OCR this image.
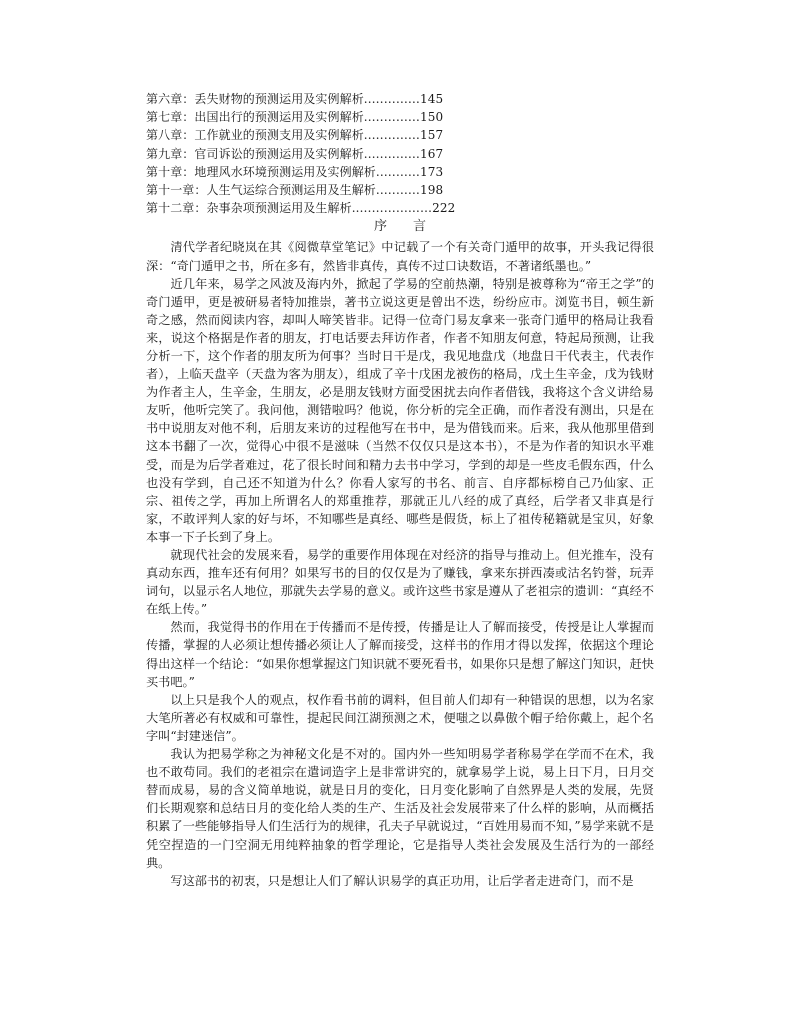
第六章：丢失财物的预测运用及实例解析..…………145
第七章：出国出行的预测运用及实例解析..…………150
第八章：工作就业的预测支用及实例解析..…………157
第九章：官司诉讼的预测运用及实例解析..…………167
第十章：地理风水环境预测运用及实例解析..………173
第十一章：人生气运综合预测运用及生解析..………198
第十二章：杂事杂项预测运用及生解析..………………222
序 言

清代学者纪晓岚在其《阅微草堂笔记》中记载了一个有关奇门遁甲的故事，开头我记得很深：“奇门遁甲之书，所在多有，然皆非真传，真传不过口诀数语，不著诸纸墨也。”

近几年来，易学之风波及海内外，掀起了学易的空前热潮，特别是被尊称为“帝王之学”的奇门遁甲，更是被研易者特加推崇，著书立说这更是曾出不迭，纷纷应市。浏览书目，顿生新奇之感，然而阅读内容，却叫人啼笑皆非。记得一位奇门易友拿来一张奇门遁甲的格局让我看来，说这个格据是作者的朋友，打电话要去拜访作者，作者不知朋友何意，特起局预测，让我分析一下，这个作者的朋友所为何事？当时日干是戊，我见地盘戊（地盘日干代表主，代表作者），上临天盘辛（天盘为客为朋友），组成了辛十戊困龙被伤的格局，戊土生辛金，戊为钱财为作者主人，生辛金，生朋友，必是朋友钱财方面受困扰去向作者借钱，我将这个含义讲给易友听，他听完笑了。我问他，测错啦吗？他说，你分析的完全正确，而作者没有测出，只是在书中说朋友对他不利，后朋友来访的过程他写在书中，是为借钱而来。后来，我从他那里借到这本书翻了一次，觉得心中很不是滋味（当然不仅仅只是这本书），不是为作者的知识水平难受，而是为后学者难过，花了很长时间和精力去书中学习，学到的却是一些皮毛假东西，什么也没有学到，自己还不知道为什么？你看人家写的书名、前言、自序都标榜自己乃仙家、正宗、祖传之学，再加上所谓名人的郑重推荐，那就正儿八经的成了真经，后学者又非真是行家，不敢评判人家的好与坏，不知哪些是真经、哪些是假货，标上了祖传秘籍就是宝贝，好象本事一下子长到了身上。

就现代社会的发展来看，易学的重要作用体现在对经济的指导与推动上。但光推车，没有真动东西，推车还有何用？如果写书的目的仅仅是为了赚钱，拿来东拼西凑或沽名钓誉，玩弄词句，以显示名人地位，那就失去学易的意义。或许这些书家是遵从了老祖宗的遗训：“真经不在纸上传。”

然而，我觉得书的作用在于传播而不是传授，传播是让人了解而接受，传授是让人掌握而传播，掌握的人必须让想传播必须让人了解而接受，这样书的作用才得以发挥，依据这个理论得出这样一个结论：“如果你想掌握这门知识就不要死看书，如果你只是想了解这门知识，赶快买书吧。”

以上只是我个人的观点，权作看书前的调料，但目前人们却有一种错误的思想，以为名家大笔所著必有权威和可靠性，提起民间江湖预测之术，便嗤之以鼻傲个帽子给你戴上，起个名字叫“封建迷信”。

我认为把易学称之为神秘文化是不对的。国内外一些知明易学者称易学在学而不在术，我也不敢苟同。我们的老祖宗在遣词造字上是非常讲究的，就拿易学上说，易上日下月，日月交替而成易，易的含义简单地说，就是日月的变化，日月变化影响了自然界是人类的发展，先贤们长期观察和总结日月的变化给人类的生产、生活及社会发展带来了什么样的影响，从而概括积累了一些能够指导人们生活行为的规律，孔夫子早就说过，“百姓用易而不知，”易学来就不是凭空捏造的一门空洞无用纯粹抽象的哲学理论，它是指导人类社会发展及生活行为的一部经典。

写这部书的初衷，只是想让人们了解认识易学的真正功用，让后学者走进奇门，而不是
